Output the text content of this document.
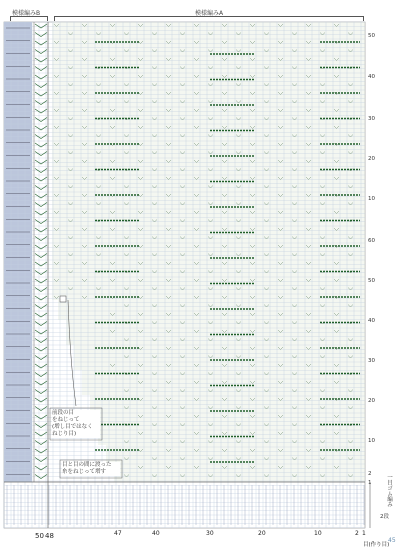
模様編みB	模様編みA
50
40
30
20
10
60
50
40
30
20
10
2
1
50 48	47	40	30	20	10	2 1
一目ゴム編み
2段
前段の目
をねじって
(増し目ではなく
ねじり目)
目と目の間に渡った
糸をねじって増す
目(作り目)
45
